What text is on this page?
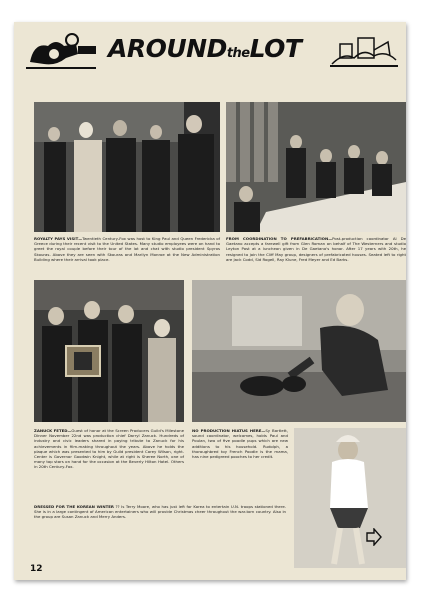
AROUNDtheLOT
ROYALTY PAYS VISIT—Twentieth Century-Fox was host to King Paul and Queen Fredericka of Greece during their recent visit to the United States. Many studio employees were on hand to greet the royal couple before their tour of the lot and chat with studio president Spyros Skouras. Above they are seen with Skouras and Marilyn Monroe at the New Administration Building where their arrival took place.
FROM COORDINATION TO PREFABRICATION—Post-production coordinator Al De Gaetano accepts a farewell gift from Glen Roman on behalf of The Westerners and studio Leyton Post at a luncheon given in De Gaetano's honor. After 17 years with 20th, he resigned to join the Cliff May group, designers of prefabricated houses. Seated left to right are Jack Codd, Sid Rogell, Ray Klune, Fred Meyer and Ed Barks.
ZANUCK FETED—Guest of honor at the Screen Producers Guild's Milestone Dinner November 22nd was production chief Darryl Zanuck. Hundreds of industry and civic leaders shared in paying tribute to Zanuck for his achievements in film-making throughout the years. Above he holds the plaque which was presented to him by Guild president Carey Wilson, right. Center is Governor Goodwin Knight, while at right is Sheree North, one of many top stars on hand for the occasion at the Beverly Hilton Hotel. Others in 20th Century-Fox.
NO PRODUCTION HIATUS HERE—Sy Bartlett, sound coordinator, welcomes, holds Paul and Poulan, two of five poodle pups which are new additions to his household. Rudolph, a thoroughbred toy French Poodle is the mama, has nine pedigreed pooches to her credit.
DRESSED FOR THE KOREAN WINTER ?? Is Terry Moore, who has just left for Korea to entertain U.N. troops stationed there. She is in a large contingent of American entertainers who will provide Christmas cheer throughout the war-torn country. Also in the group are Susan Zanuck and Merry Anders.
12
